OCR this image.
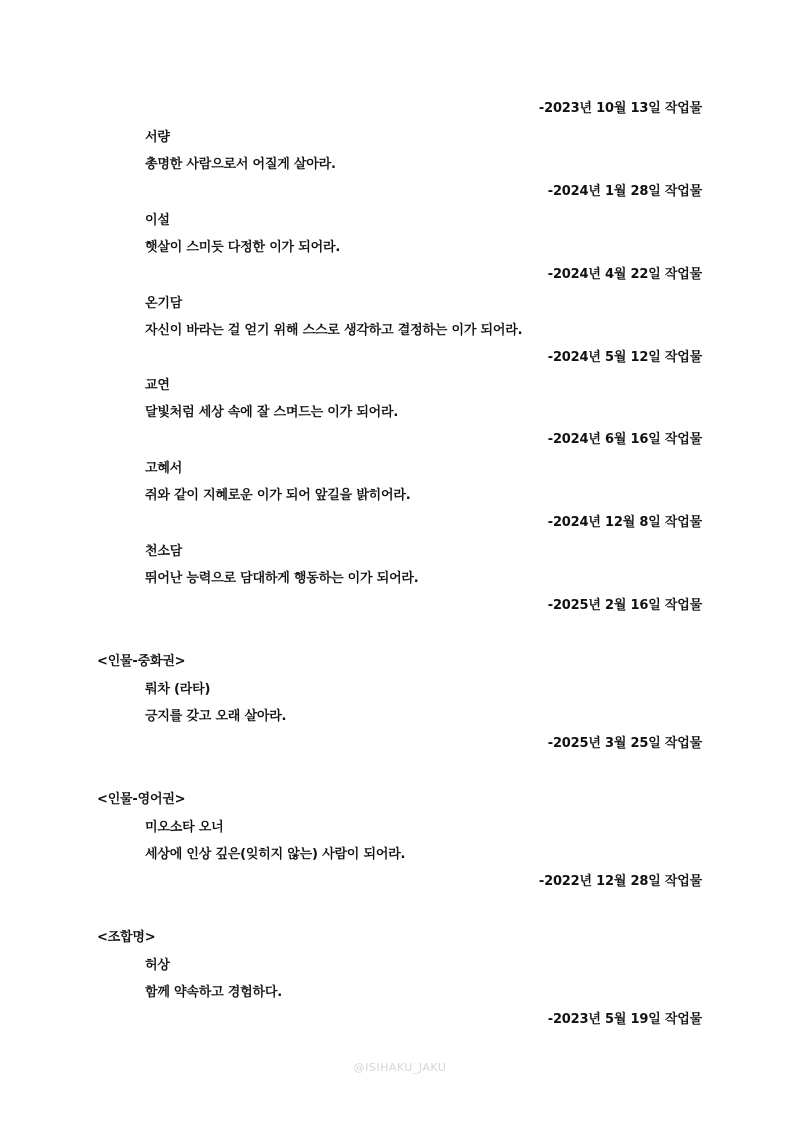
-2023년 10월 13일 작업물
서량
총명한 사람으로서 어질게 살아라.
-2024년 1월 28일 작업물
이설
햇살이 스미듯 다정한 이가 되어라.
-2024년 4월 22일 작업물
온기담
자신이 바라는 걸 얻기 위해 스스로 생각하고 결정하는 이가 되어라.
-2024년 5월 12일 작업물
교연
달빛처럼 세상 속에 잘 스며드는 이가 되어라.
-2024년 6월 16일 작업물
고혜서
쥐와 같이 지혜로운 이가 되어 앞길을 밝히어라.
-2024년 12월 8일 작업물
천소담
뛰어난 능력으로 담대하게 행동하는 이가 되어라.
-2025년 2월 16일 작업물
<인물-중화권>
뤄차 (라타)
긍지를 갖고 오래 살아라.
-2025년 3월 25일 작업물
<인물-영어권>
미오소타 오너
세상에 인상 깊은(잊히지 않는) 사람이 되어라.
-2022년 12월 28일 작업물
<조합명>
허상
함께 약속하고 경험하다.
-2023년 5월 19일 작업물
@ISIHAKU_JAKU
